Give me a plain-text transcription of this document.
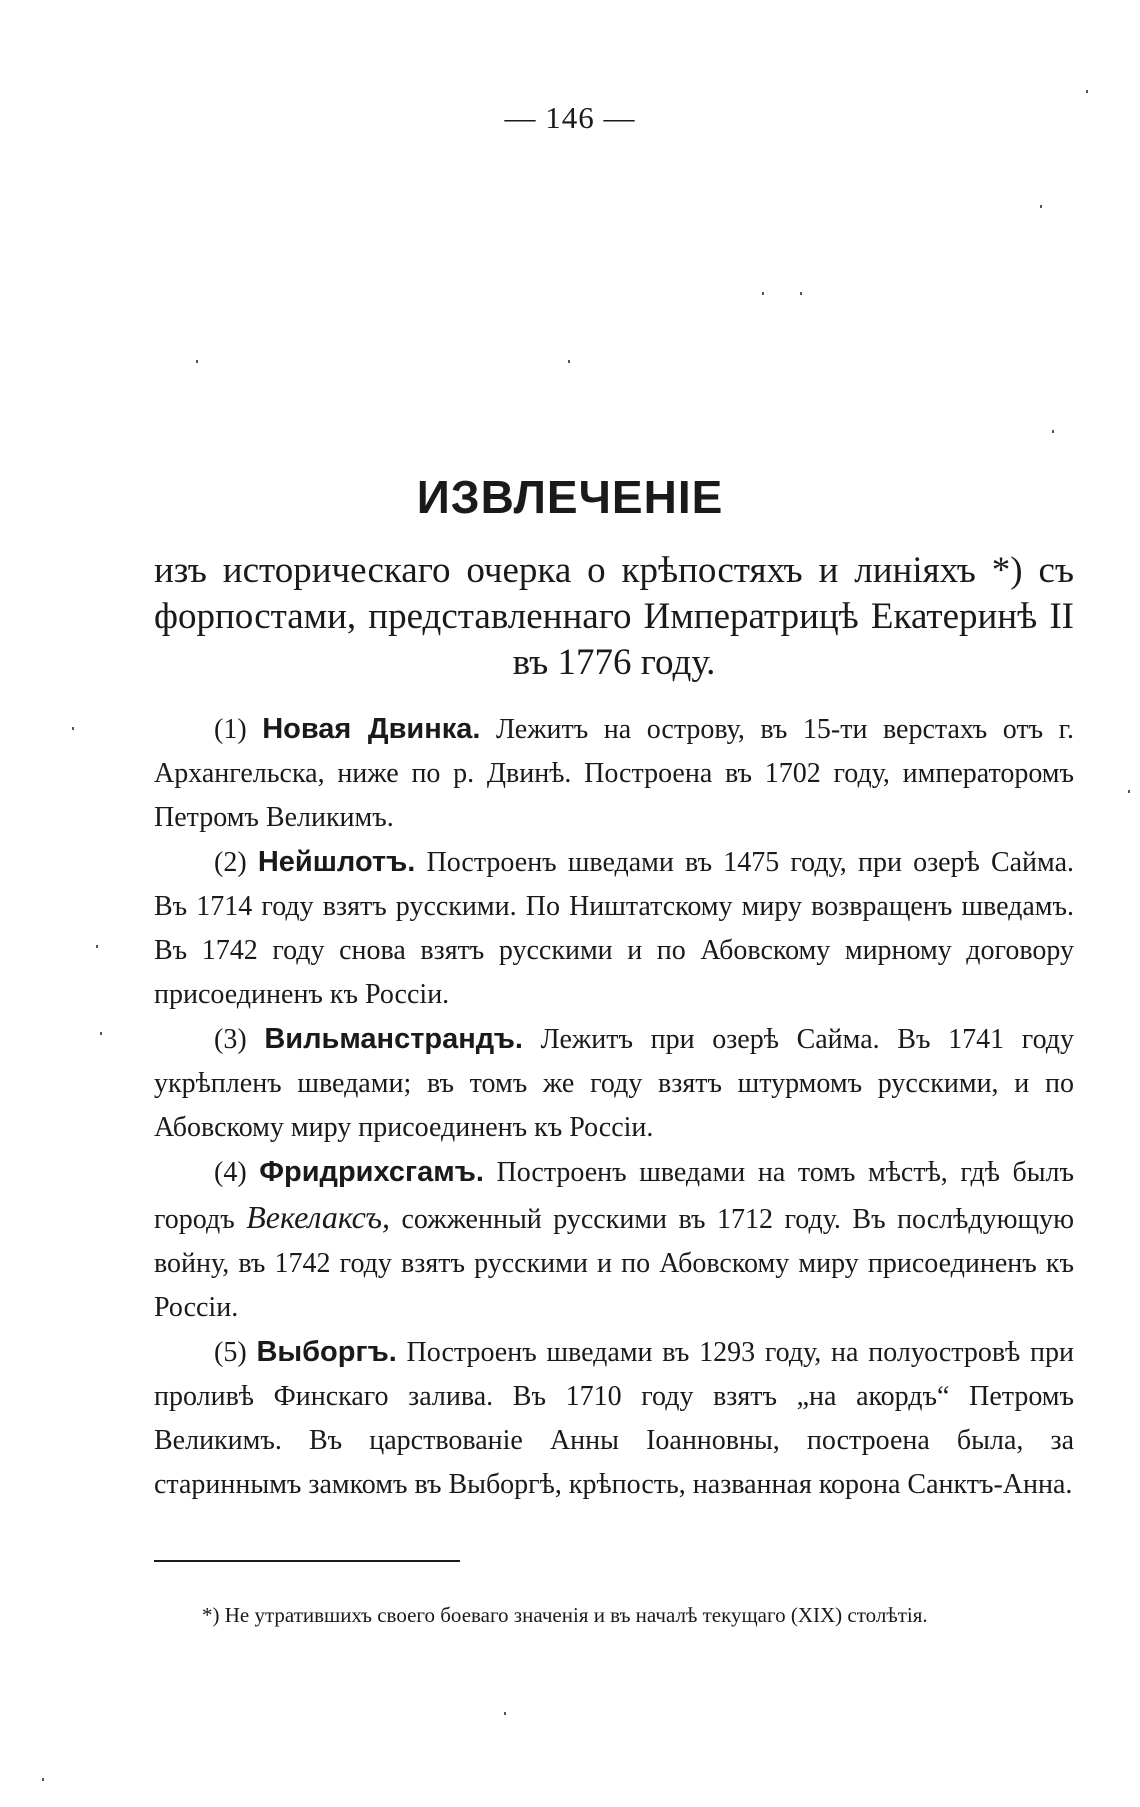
— 146 —
ИЗВЛЕЧЕНIE
изъ историческаго очерка о крѣпостяхъ и линiяхъ *) съ форпостами, представленнаго Императрицѣ Екатеринѣ II въ 1776 году.

(1) Новая Двинка. Лежитъ на острову, въ 15-ти верстахъ отъ г. Архангельска, ниже по р. Двинѣ. Построена въ 1702 году, императоромъ Петромъ Великимъ.

(2) Нейшлотъ. Построенъ шведами въ 1475 году, при озерѣ Сайма. Въ 1714 году взятъ русскими. По Ништатскому миру возвращенъ шведамъ. Въ 1742 году снова взятъ русскими и по Абовскому мирному договору присоединенъ къ Россiи.

(3) Вильманстрандъ. Лежитъ при озерѣ Сайма. Въ 1741 году укрѣпленъ шведами; въ томъ же году взятъ штурмомъ русскими, и по Абовскому миру присоединенъ къ Россiи.

(4) Фридрихсгамъ. Построенъ шведами на томъ мѣстѣ, гдѣ былъ городъ Векелаксъ, сожженный русскими въ 1712 году. Въ послѣдующую войну, въ 1742 году взятъ русскими и по Абовскому миру присоединенъ къ Россiи.

(5) Выборгъ. Построенъ шведами въ 1293 году, на полуостровѣ при проливѣ Финскаго залива. Въ 1710 году взятъ „на акордъ“ Петромъ Великимъ. Въ царствованiе Анны Iоанновны, построена была, за стариннымъ замкомъ въ Выборгѣ, крѣпость, названная корона Санктъ-Анна.

*) Не утратившихъ своего боеваго значенiя и въ началѣ текущаго (XIX) столѣтiя.
